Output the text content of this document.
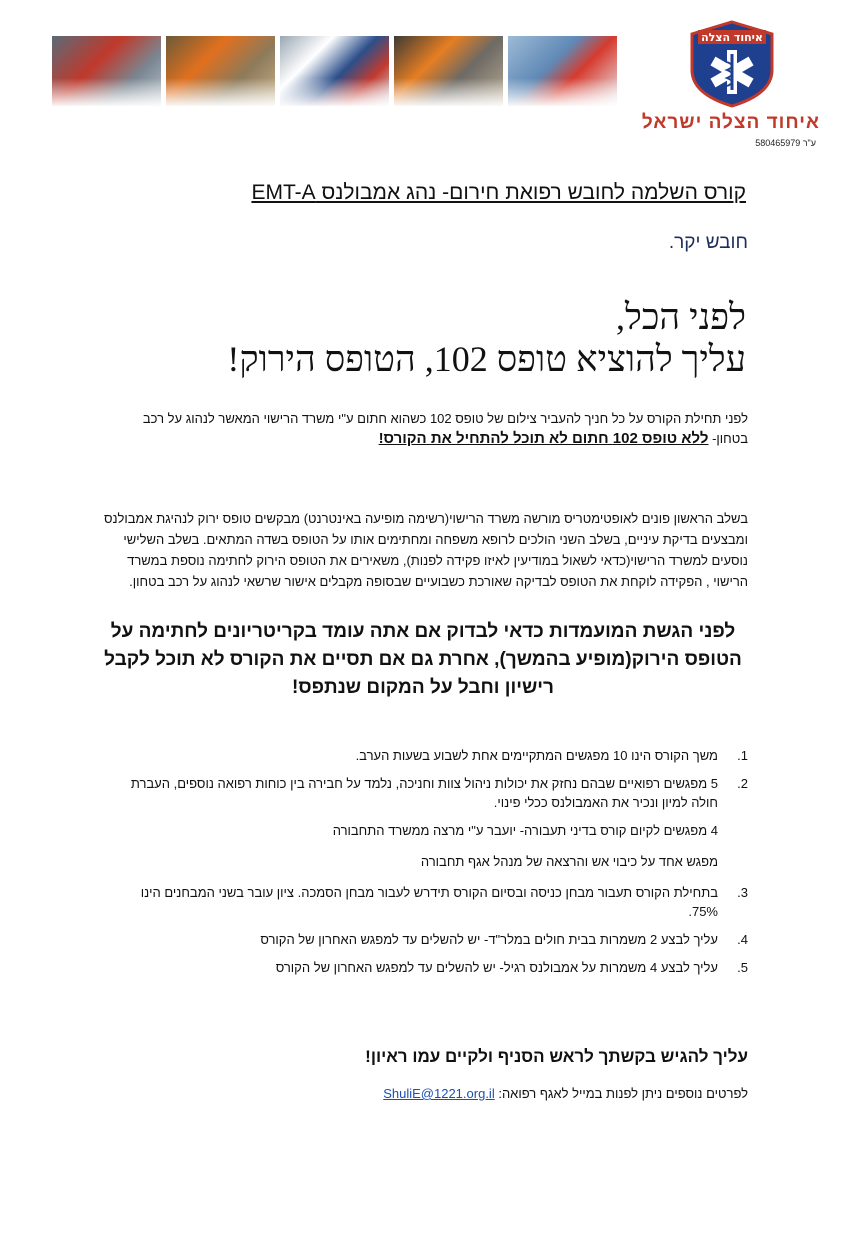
איחוד הצלה
איחוד הצלה ישראל
ע"ר 580465979
קורס השלמה לחובש רפואת חירום- נהג אמבולנס EMT-A
חובש יקר.
לפני הכל,
עליך להוציא טופס 102, הטופס הירוק!
לפני תחילת הקורס על כל חניך להעביר צילום של טופס 102 כשהוא חתום ע"י משרד הרישוי המאשר לנהוג על רכב בטחון- ללא טופס 102 חתום לא תוכל להתחיל את הקורס!
בשלב הראשון פונים לאופטימטריס מורשה משרד הרישוי(רשימה מופיעה באינטרנט) מבקשים טופס ירוק לנהיגת אמבולנס ומבצעים בדיקת עיניים, בשלב השני הולכים לרופא משפחה ומחתימים אותו על הטופס בשדה המתאים. בשלב השלישי נוסעים למשרד הרישוי(כדאי לשאול במודיעין לאיזו פקידה לפנות), משאירים את הטופס הירוק לחתימה נוספת במשרד הרישוי , הפקידה לוקחת את הטופס לבדיקה שאורכת כשבועיים שבסופה מקבלים אישור שרשאי לנהוג על רכב בטחון.
לפני הגשת המועמדות כדאי לבדוק אם אתה עומד בקריטריונים לחתימה על הטופס הירוק(מופיע בהמשך), אחרת גם אם תסיים את הקורס לא תוכל לקבל רישיון וחבל על המקום שנתפס!
1.
משך הקורס הינו 10 מפגשים המתקיימים אחת לשבוע בשעות הערב.
2.
5 מפגשים רפואיים שבהם נחזק את יכולות ניהול צוות וחניכה, נלמד על חבירה בין כוחות רפואה נוספים, העברת חולה למיון ונכיר את האמבולנס ככלי פינוי.
4 מפגשים לקיום קורס בדיני תעבורה- יועבר ע"י מרצה ממשרד התחבורה
מפגש אחד על כיבוי אש והרצאה של מנהל אגף תחבורה
3.
בתחילת הקורס תעבור מבחן כניסה ובסיום הקורס תידרש לעבור מבחן הסמכה. ציון עובר בשני המבחנים הינו 75%.
4.
עליך לבצע 2 משמרות בבית חולים במלר"ד- יש להשלים עד למפגש האחרון של הקורס
5.
עליך לבצע 4 משמרות על אמבולנס רגיל- יש להשלים עד למפגש האחרון של הקורס
עליך להגיש בקשתך לראש הסניף ולקיים עמו ראיון!
לפרטים נוספים ניתן לפנות במייל לאגף רפואה: ShuliE@1221.org.il
